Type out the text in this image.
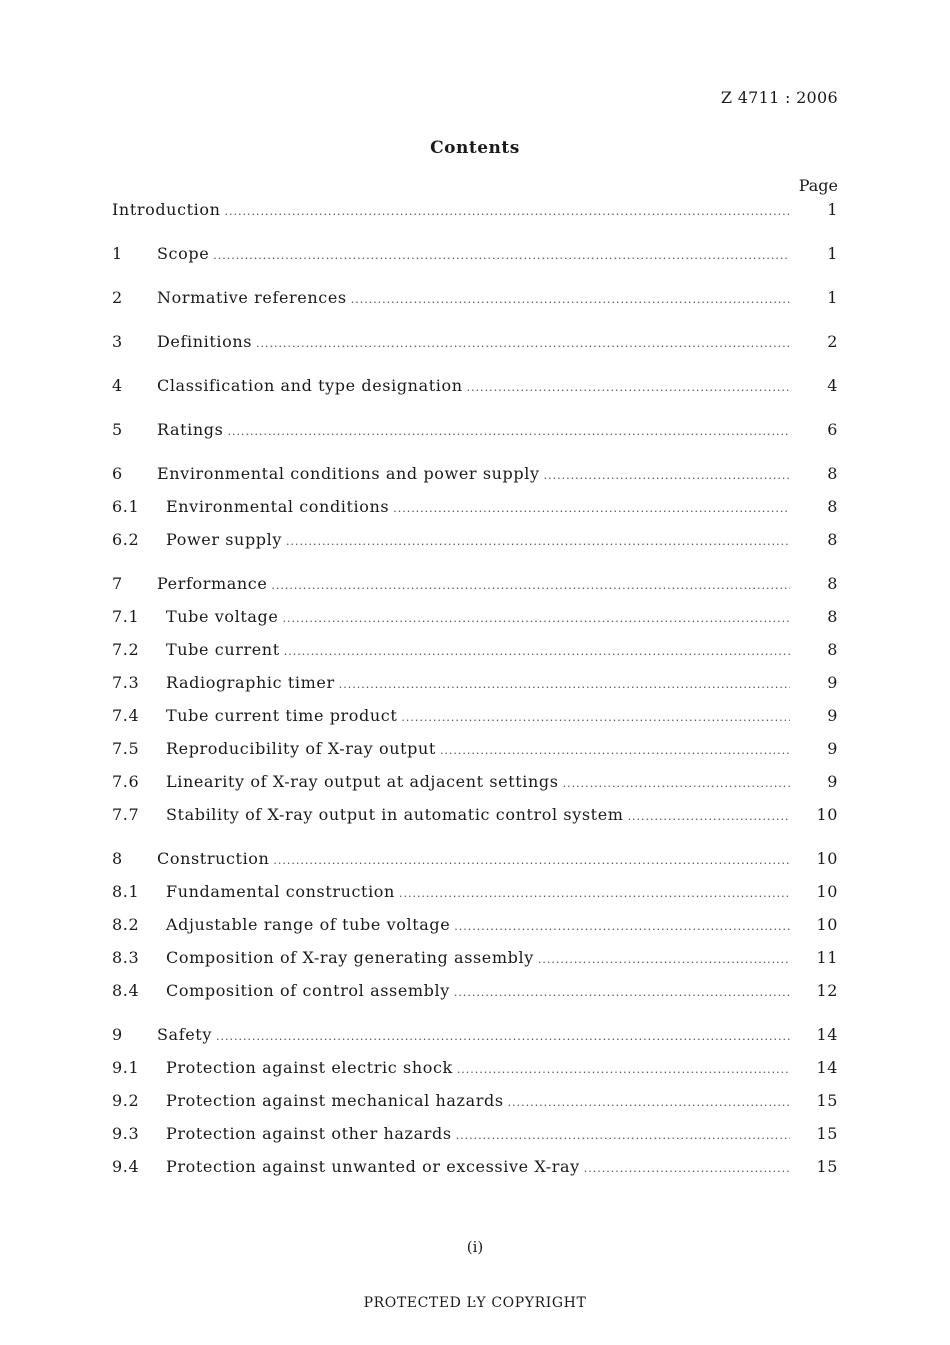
Z 4711 : 2006
Contents
Page
Introduction .....	1
1	Scope .....	1
2	Normative references .....	1
3	Definitions .....	2
4	Classification and type designation .....	4
5	Ratings .....	6
6	Environmental conditions and power supply .....	8
6.1	Environmental conditions .....	8
6.2	Power supply .....	8
7	Performance .....	8
7.1	Tube voltage .....	8
7.2	Tube current .....	8
7.3	Radiographic timer .....	9
7.4	Tube current time product .....	9
7.5	Reproducibility of X-ray output .....	9
7.6	Linearity of X-ray output at adjacent settings .....	9
7.7	Stability of X-ray output in automatic control system .....	10
8	Construction .....	10
8.1	Fundamental construction .....	10
8.2	Adjustable range of tube voltage .....	10
8.3	Composition of X-ray generating assembly .....	11
8.4	Composition of control assembly .....	12
9	Safety .....	14
9.1	Protection against electric shock .....	14
9.2	Protection against mechanical hazards .....	15
9.3	Protection against other hazards .....	15
9.4	Protection against unwanted or excessive X-ray .....	15
(i)
PROTECTED ĿY COPYRIGHT
